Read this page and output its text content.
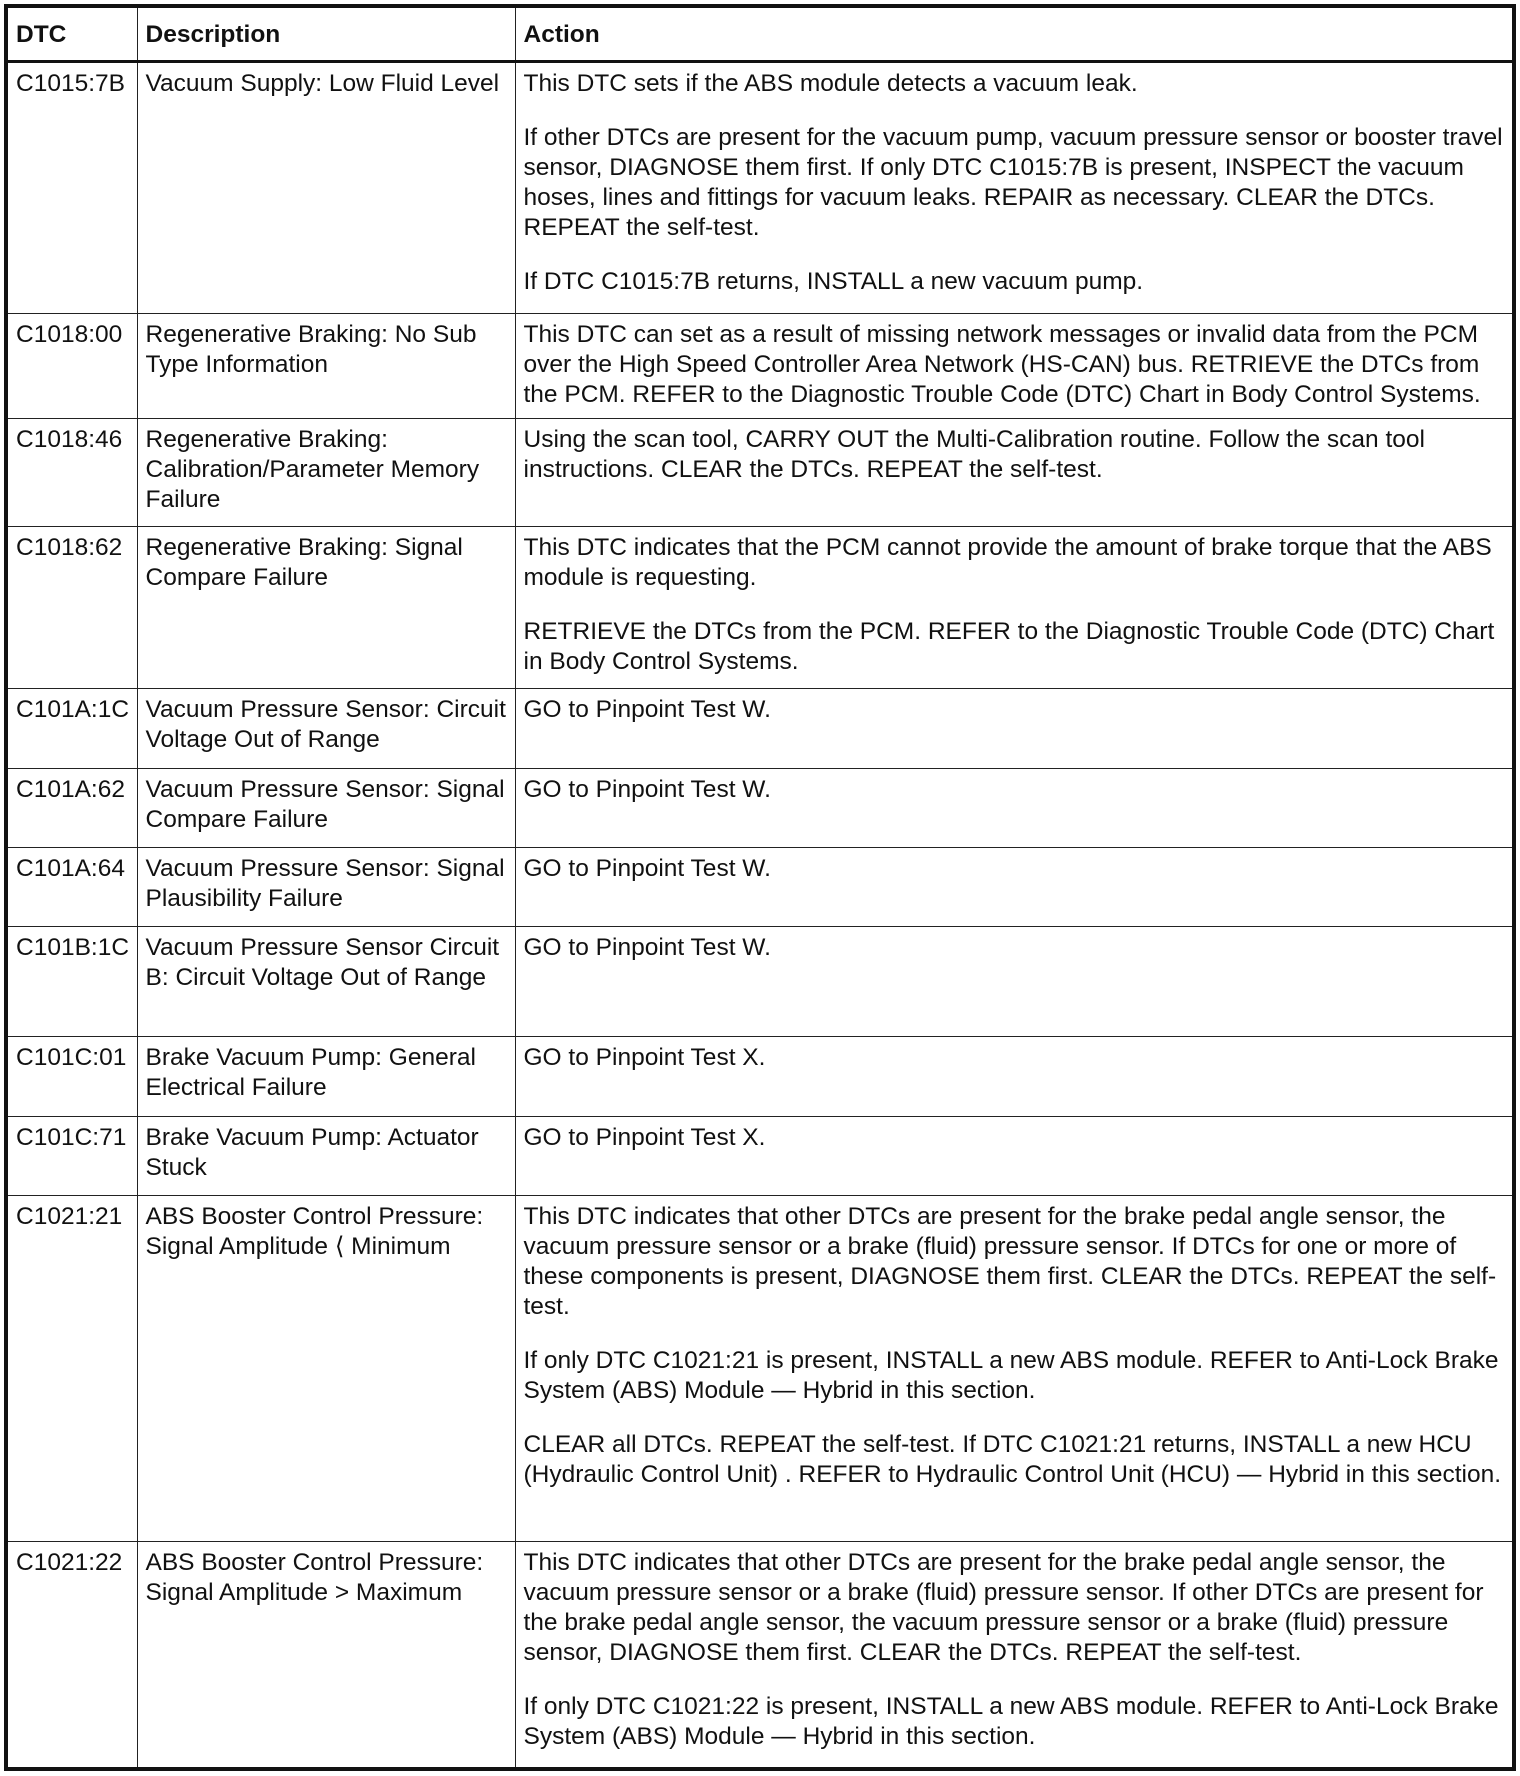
DTC	Description	Action
C1015:7B	Vacuum Supply: Low Fluid Level	This DTC sets if the ABS module detects a vacuum leak.

If other DTCs are present for the vacuum pump, vacuum pressure sensor or booster travel sensor, DIAGNOSE them first. If only DTC C1015:7B is present, INSPECT the vacuum hoses, lines and fittings for vacuum leaks. REPAIR as necessary. CLEAR the DTCs. REPEAT the self-test.

If DTC C1015:7B returns, INSTALL a new vacuum pump.

C1018:00	Regenerative Braking: No Sub Type Information	This DTC can set as a result of missing network messages or invalid data from the PCM over the High Speed Controller Area Network (HS-CAN) bus. RETRIEVE the DTCs from the PCM. REFER to the Diagnostic Trouble Code (DTC) Chart in Body Control Systems.

C1018:46	Regenerative Braking: Calibration/Parameter Memory Failure	Using the scan tool, CARRY OUT the Multi-Calibration routine. Follow the scan tool instructions. CLEAR the DTCs. REPEAT the self-test.

C1018:62	Regenerative Braking: Signal Compare Failure	This DTC indicates that the PCM cannot provide the amount of brake torque that the ABS module is requesting.

RETRIEVE the DTCs from the PCM. REFER to the Diagnostic Trouble Code (DTC) Chart in Body Control Systems.

C101A:1C	Vacuum Pressure Sensor: Circuit Voltage Out of Range	GO to Pinpoint Test W.

C101A:62	Vacuum Pressure Sensor: Signal Compare Failure	GO to Pinpoint Test W.

C101A:64	Vacuum Pressure Sensor: Signal Plausibility Failure	GO to Pinpoint Test W.

C101B:1C	Vacuum Pressure Sensor Circuit B: Circuit Voltage Out of Range	GO to Pinpoint Test W.

C101C:01	Brake Vacuum Pump: General Electrical Failure	GO to Pinpoint Test X.

C101C:71	Brake Vacuum Pump: Actuator Stuck	GO to Pinpoint Test X.

C1021:21	ABS Booster Control Pressure: Signal Amplitude ⟨ Minimum	This DTC indicates that other DTCs are present for the brake pedal angle sensor, the vacuum pressure sensor or a brake (fluid) pressure sensor. If DTCs for one or more of these components is present, DIAGNOSE them first. CLEAR the DTCs. REPEAT the self-test.

If only DTC C1021:21 is present, INSTALL a new ABS module. REFER to Anti-Lock Brake System (ABS) Module — Hybrid in this section.

CLEAR all DTCs. REPEAT the self-test. If DTC C1021:21 returns, INSTALL a new HCU (Hydraulic Control Unit) . REFER to Hydraulic Control Unit (HCU) — Hybrid in this section.

C1021:22	ABS Booster Control Pressure: Signal Amplitude > Maximum	This DTC indicates that other DTCs are present for the brake pedal angle sensor, the vacuum pressure sensor or a brake (fluid) pressure sensor. If other DTCs are present for the brake pedal angle sensor, the vacuum pressure sensor or a brake (fluid) pressure sensor, DIAGNOSE them first. CLEAR the DTCs. REPEAT the self-test.

If only DTC C1021:22 is present, INSTALL a new ABS module. REFER to Anti-Lock Brake System (ABS) Module — Hybrid in this section.
